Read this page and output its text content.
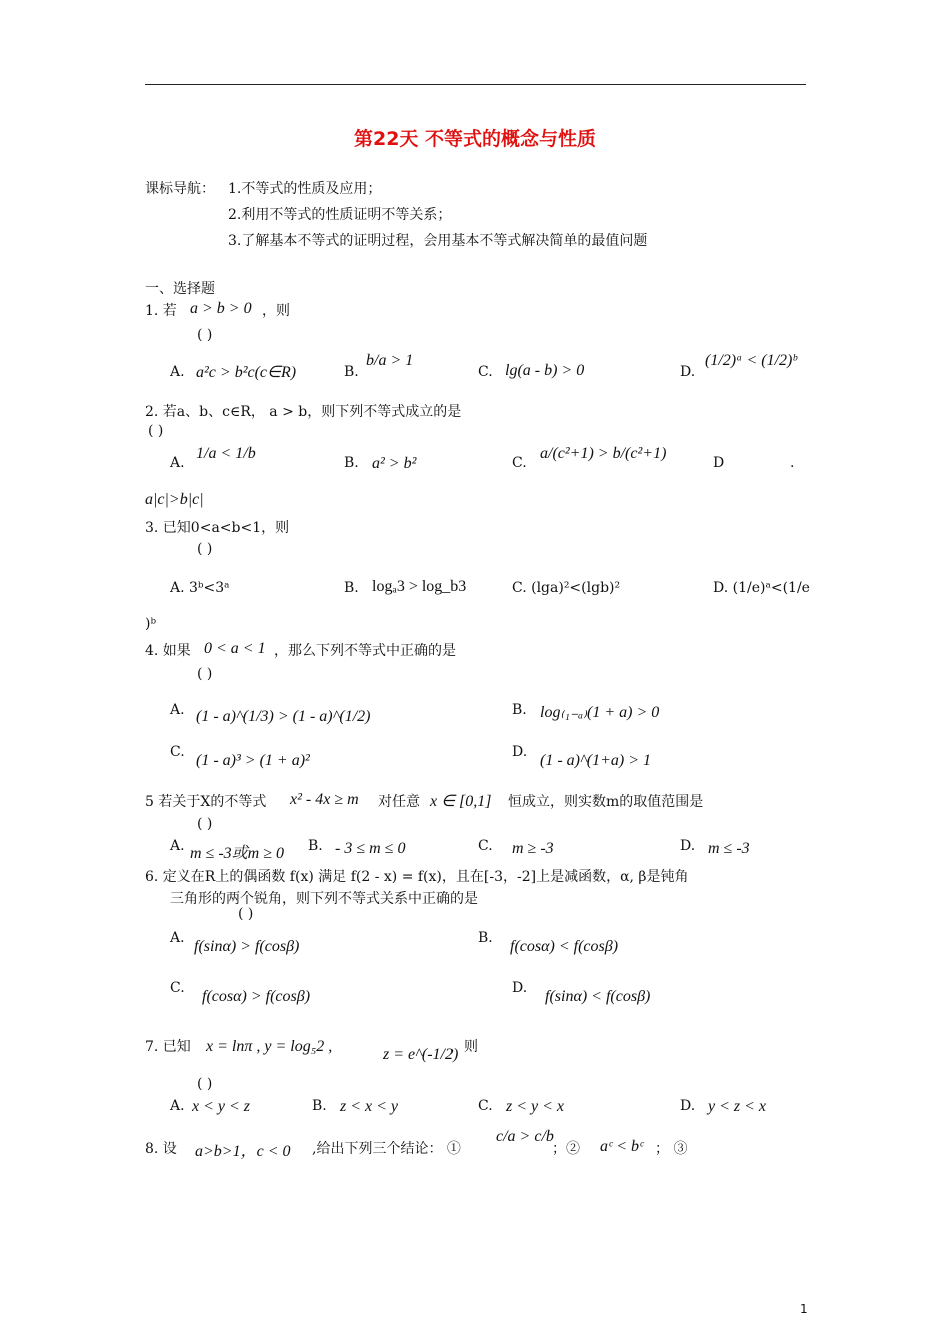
第22天 不等式的概念与性质
课标导航： 1.不等式的性质及应用；
2.利用不等式的性质证明不等关系；
3.了解基本不等式的证明过程，会用基本不等式解决简单的最值问题
一、选择题
1. 若 a > b > 0 ，则
( )
A. a²c > b²c(c∈R)	B.
b/a > 1
C. lg(a - b) > 0	D.
(1/2)ᵃ < (1/2)ᵇ
2. 若a、b、c∈R， a > b，则下列不等式成立的是
( )
A.
1/a < 1/b
B. a² > b²	C.
a/(c²+1) > b/(c²+1)
D	.
a|c|>b|c|
3. 已知0<a<b<1，则
( )
A. 3ᵇ<3ᵃ	B. logₐ3 > log_b3	C. (lga)²<(lgb)²	D. (1/e)ᵃ<(1/e
)ᵇ
4. 如果 0 < a < 1 ，那么下列不等式中正确的是
( )
A. (1 - a)^(1/3) > (1 - a)^(1/2)	B. log₍₁₋ₐ₎(1 + a) > 0
C. (1 - a)³ > (1 + a)²	D. (1 - a)^(1+a) > 1
5 若关于X的不等式 x² - 4x ≥ m 对任意 x ∈ [0,1] 恒成立，则实数m的取值范围是
( )
A. m ≤ -3或m ≥ 0 B. - 3 ≤ m ≤ 0	C. m ≥ -3	D. m ≤ -3
6. 定义在R上的偶函数 f(x) 满足 f(2 - x) = f(x)，且在[-3，-2]上是减函数，α, β是钝角
三角形的两个锐角，则下列不等式关系中正确的是
( )
A. f(sinα) > f(cosβ)	B. f(cosα) < f(cosβ)
C. f(cosα) > f(cosβ)	D. f(sinα) < f(cosβ)
7. 已知 x = lnπ , y = log₅2 ,	z = e^(-1/2)
，则
( )
A. x < y < z	B. z < x < y	C. z < y < x	D. y < z < x
8. 设 a>b>1，c < 0 ,给出下列三个结论： ①
c/a > c/b
；② aᶜ < bᶜ ； ③
1
